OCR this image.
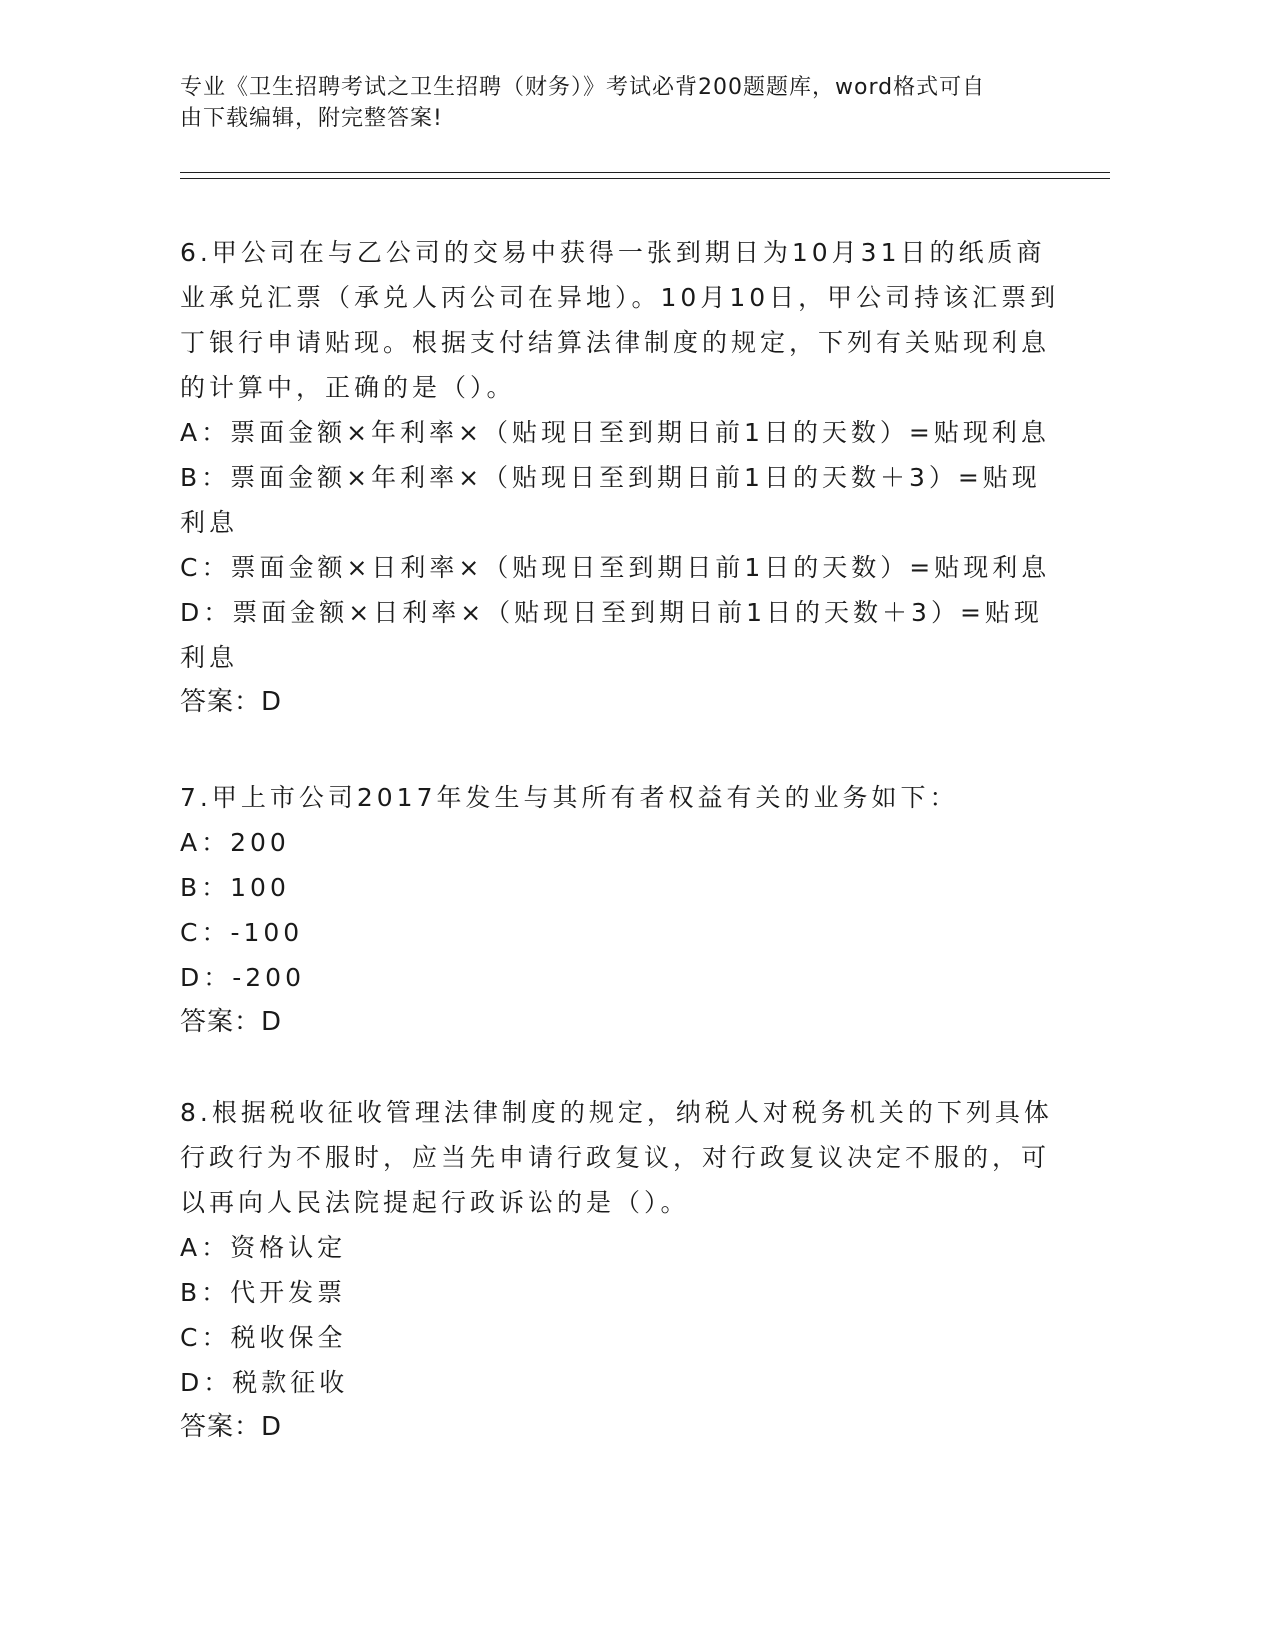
专业《卫生招聘考试之卫生招聘（财务）》考试必背200题题库，word格式可自
由下载编辑，附完整答案!

6.甲公司在与乙公司的交易中获得一张到期日为10月31日的纸质商业承兑汇票（承兑人丙公司在异地）。10月10日，甲公司持该汇票到丁银行申请贴现。根据支付结算法律制度的规定，下列有关贴现利息的计算中，正确的是（）。

A：票面金额×年利率×（贴现日至到期日前1日的天数）=贴现利息

B：票面金额×年利率×（贴现日至到期日前1日的天数＋3）=贴现利息

C：票面金额×日利率×（贴现日至到期日前1日的天数）=贴现利息

D：票面金额×日利率×（贴现日至到期日前1日的天数＋3）=贴现利息

答案：D

7.甲上市公司2017年发生与其所有者权益有关的业务如下：

A：200

B：100

C：-100

D：-200

答案：D

8.根据税收征收管理法律制度的规定，纳税人对税务机关的下列具体行政行为不服时，应当先申请行政复议，对行政复议决定不服的，可以再向人民法院提起行政诉讼的是（）。

A：资格认定

B：代开发票

C：税收保全

D：税款征收

答案：D
